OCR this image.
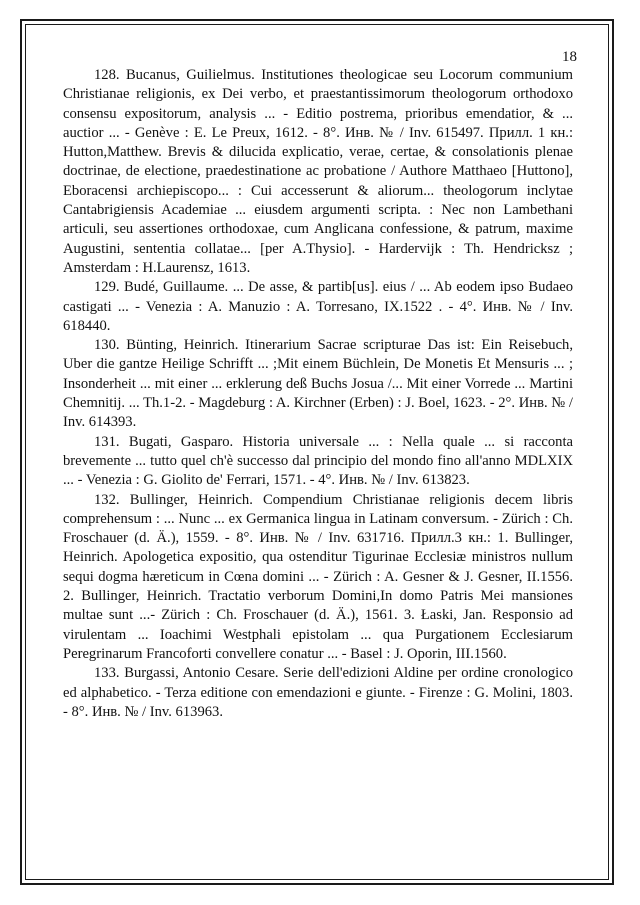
18

128. Bucanus, Guilielmus. Institutiones theologicae seu Locorum communium Christianae religionis, ex Dei verbo, et praestantissimorum theologorum orthodoxo consensu expositorum, analysis ... - Editio postrema, prioribus emendatior, & ... auctior ... - Genève : E. Le Preux, 1612. - 8°. Инв. № / Inv. 615497. Прилл. 1 кн.: Hutton,Matthew. Brevis & dilucida explicatio, verae, certae, & consolationis plenae doctrinae, de electione, praedestinatione ac probatione / Authore Matthaeo [Huttono], Eboracensi archiepiscopo... : Cui accesserunt & aliorum... theologorum inclytae Cantabrigiensis Academiae ... eiusdem argumenti scripta. : Nec non Lambethani articuli, seu assertiones orthodoxae, cum Anglicana confessione, & patrum, maxime Augustini, sententia collatae... [per A.Thysio]. - Hardervijk : Th. Hendricksz ; Amsterdam : H.Laurensz, 1613.

129. Budé, Guillaume. ... De asse, & partib[us]. eius / ... Ab eodem ipso Budaeo castigati ... - Venezia : A. Manuzio : A. Torresano, IX.1522 . - 4°. Инв. № / Inv. 618440.

130. Bünting, Heinrich. Itinerarium Sacrae scripturae Das ist: Ein Reisebuch, Uber die gantze Heilige Schrifft ... ;Mit einem Büchlein, De Monetis Et Mensuris ... ; Insonderheit ... mit einer ... erklerung deß Buchs Josua /... Mit einer Vorrede ... Martini Chemnitij. ... Th.1-2. - Magdeburg : A. Kirchner (Erben) : J. Boel, 1623. - 2°. Инв. № / Inv. 614393.

131. Bugati, Gasparo. Historia universale ... : Nella quale ... si racconta brevemente ... tutto quel ch'è successo dal principio del mondo fino all'anno MDLXIX ... - Venezia : G. Giolito de' Ferrari, 1571. - 4°. Инв. № / Inv. 613823.

132. Bullinger, Heinrich. Compendium Christianae religionis decem libris comprehensum : ... Nunc ... ex Germanica lingua in Latinam conversum. - Zürich : Ch. Froschauer (d. Ä.), 1559. - 8°. Инв. № / Inv. 631716. Прилл.3 кн.: 1. Bullinger, Heinrich. Apologetica expositio, qua ostenditur Tigurinae Ecclesiæ ministros nullum sequi dogma hæreticum in Cœna domini ... - Zürich : A. Gesner & J. Gesner, II.1556. 2. Bullinger, Heinrich. Tractatio verborum Domini,In domo Patris Mei mansiones multae sunt ...- Zürich : Ch. Froschauer (d. Ä.), 1561. 3. Łaski, Jan. Responsio ad virulentam ... Ioachimi Westphali epistolam ... qua Purgationem Ecclesiarum Peregrinarum Francoforti convellere conatur ... - Basel : J. Oporin, III.1560.

133. Burgassi, Antonio Cesare. Serie dell'edizioni Aldine per ordine cronologico ed alphabetico. - Terza editione con emendazioni e giunte. - Firenze : G. Molini, 1803. - 8°. Инв. № / Inv. 613963.
